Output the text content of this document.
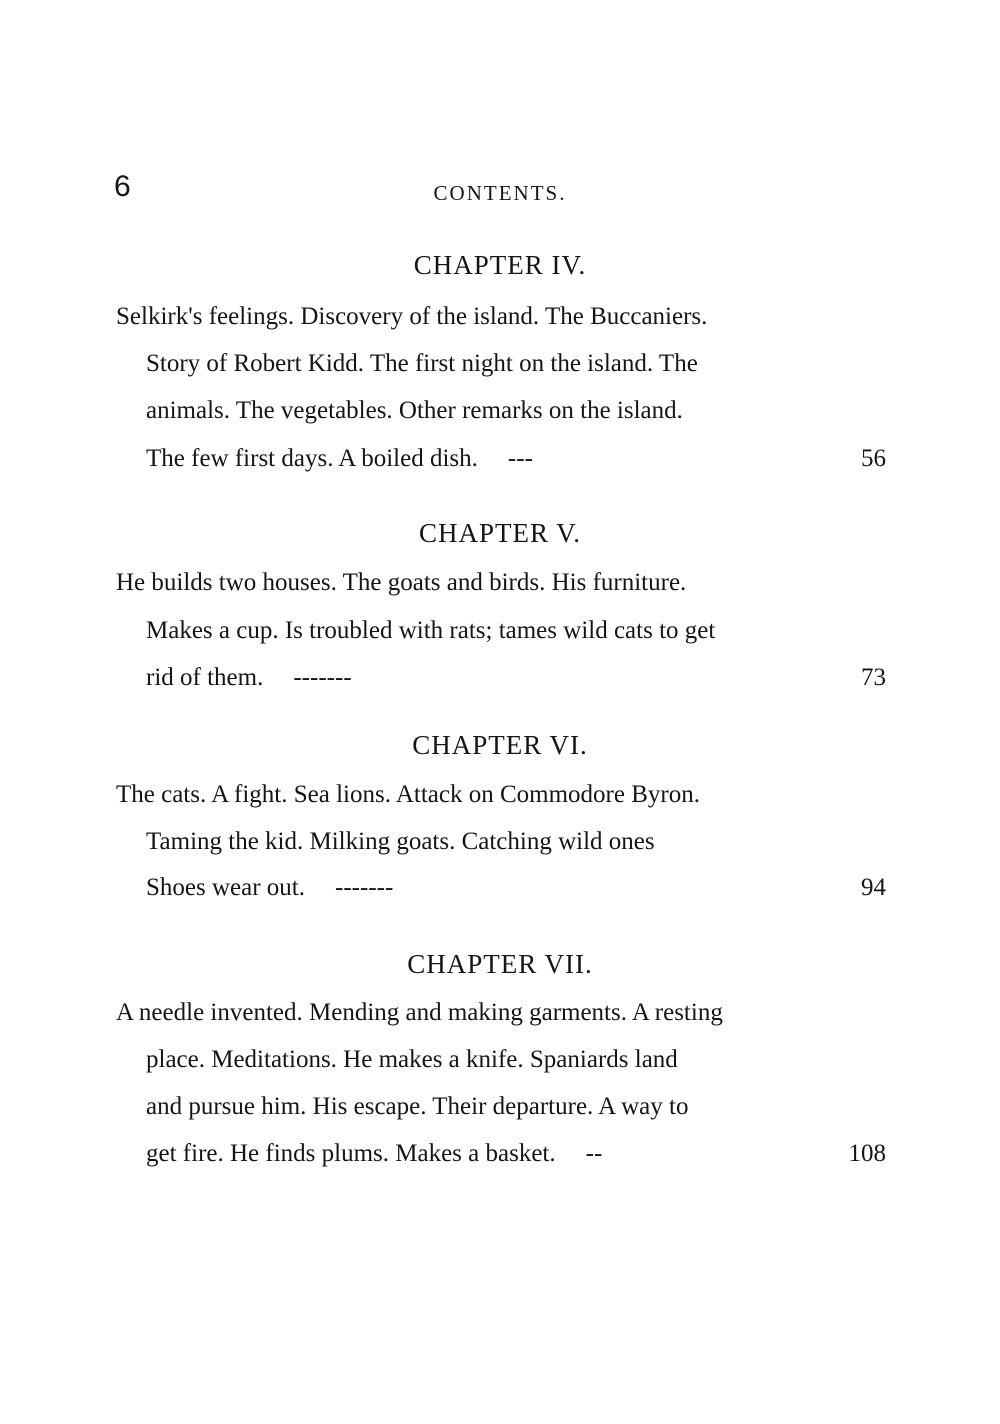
6	CONTENTS.
CHAPTER IV.
Selkirk's feelings. Discovery of the island. The Buccaniers.
Story of Robert Kidd. The first night on the island. The
animals. The vegetables. Other remarks on the island.
The few first days. A boiled dish.	---	56
CHAPTER V.
He builds two houses. The goats and birds. His furniture.
Makes a cup. Is troubled with rats; tames wild cats to get
rid of them.	-------	73
CHAPTER VI.
The cats. A fight. Sea lions. Attack on Commodore Byron.
Taming the kid. Milking goats. Catching wild ones
Shoes wear out.	-------	94
CHAPTER VII.
A needle invented. Mending and making garments. A resting
place. Meditations. He makes a knife. Spaniards land
and pursue him. His escape. Their departure. A way to
get fire. He finds plums. Makes a basket.	--	108
